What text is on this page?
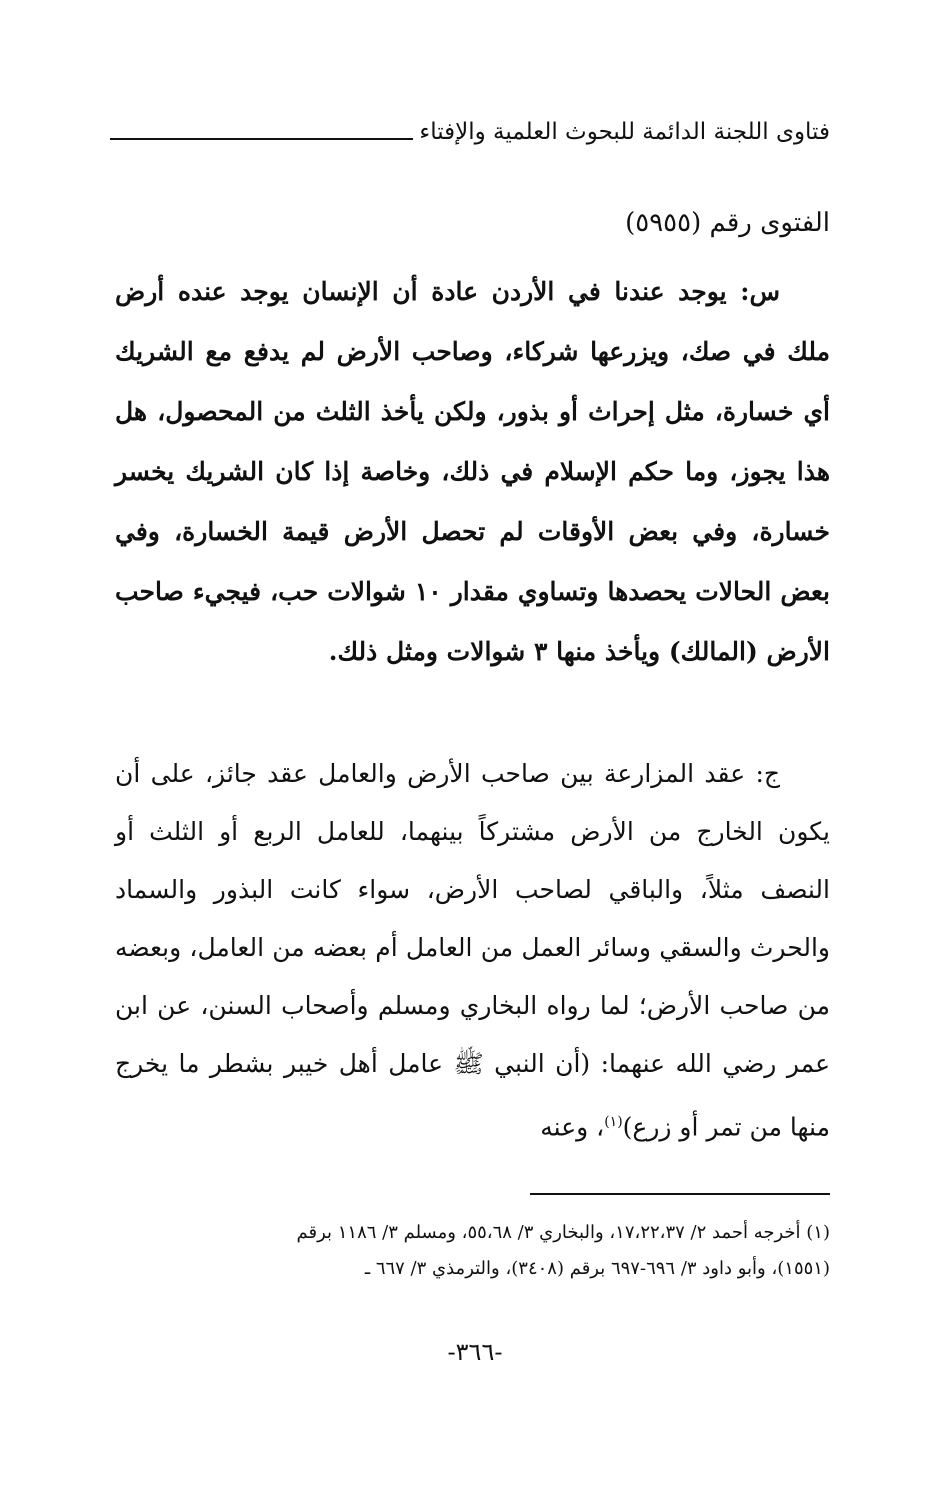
فتاوى اللجنة الدائمة للبحوث العلمية والإفتاء
الفتوى رقم (٥٩٥٥)

س: يوجد عندنا في الأردن عادة أن الإنسان يوجد عنده أرض ملك في صك، ويزرعها شركاء، وصاحب الأرض لم يدفع مع الشريك أي خسارة، مثل إحراث أو بذور، ولكن يأخذ الثلث من المحصول، هل هذا يجوز، وما حكم الإسلام في ذلك، وخاصة إذا كان الشريك يخسر خسارة، وفي بعض الأوقات لم تحصل الأرض قيمة الخسارة، وفي بعض الحالات يحصدها وتساوي مقدار ١٠ شوالات حب، فيجيء صاحب الأرض (المالك) ويأخذ منها ٣ شوالات ومثل ذلك.

ج: عقد المزارعة بين صاحب الأرض والعامل عقد جائز، على أن يكون الخارج من الأرض مشتركاً بينهما، للعامل الربع أو الثلث أو النصف مثلاً، والباقي لصاحب الأرض، سواء كانت البذور والسماد والحرث والسقي وسائر العمل من العامل أم بعضه من العامل، وبعضه من صاحب الأرض؛ لما رواه البخاري ومسلم وأصحاب السنن، عن ابن عمر رضي الله عنهما: (أن النبي ﷺ عامل أهل خيبر بشطر ما يخرج منها من تمر أو زرع)$^{(١)}$، وعنه

(١) أخرجه أحمد ٢/ ١٧،٢٢،٣٧، والبخاري ٣/ ٥٥،٦٨، ومسلم ٣/ ١١٨٦ برقم

(١٥٥١)، وأبو داود ٣/ ٦٩٦-٦٩٧ برقم (٣٤٠٨)، والترمذي ٣/ ٦٦٧ ـ

-٣٦٦-
